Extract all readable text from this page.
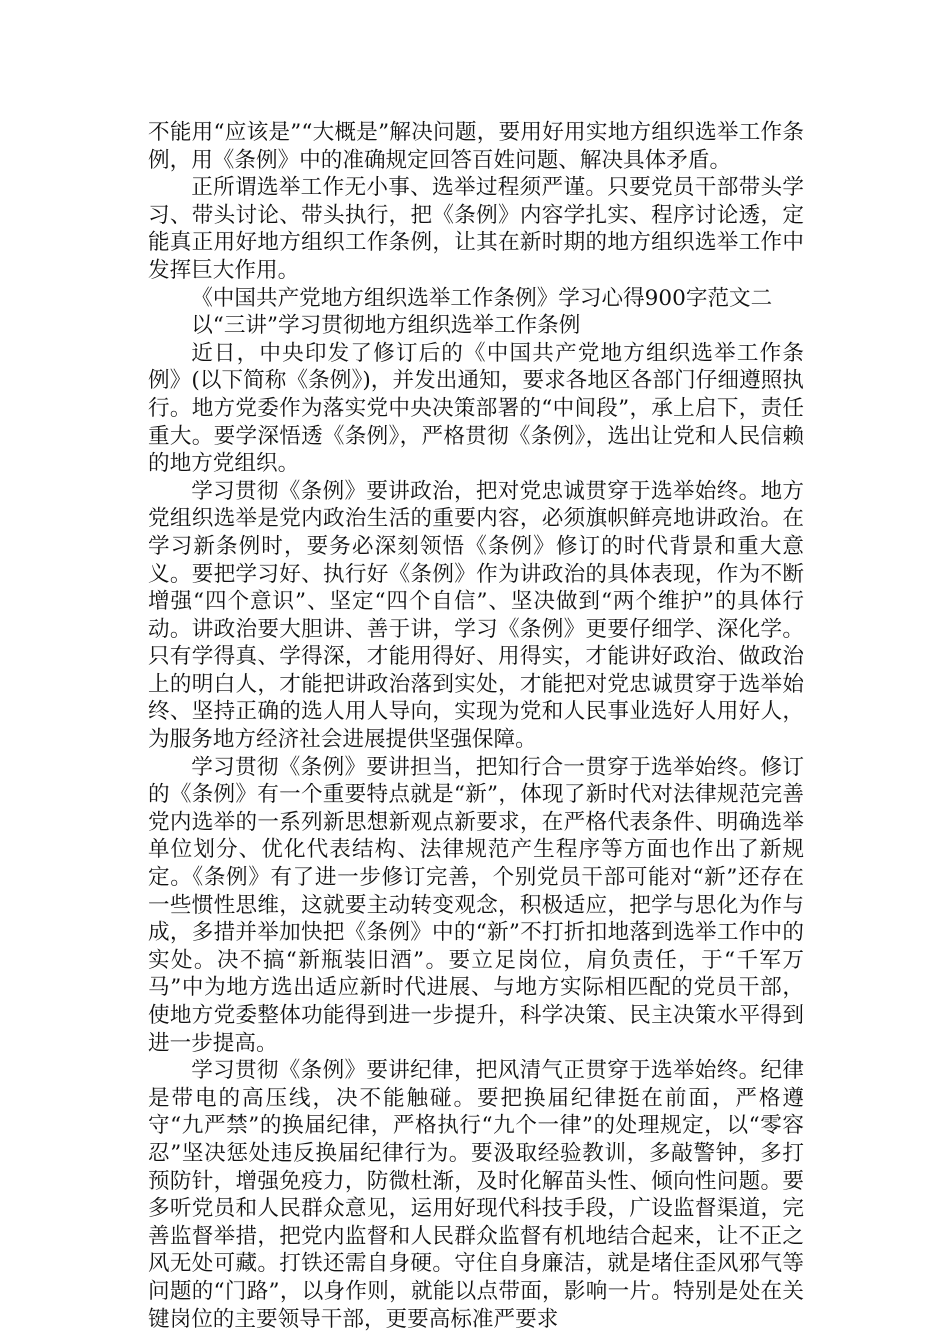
不能用“应该是”“大概是”解决问题，要用好用实地方组织选举工作条例，用《条例》中的准确规定回答百姓问题、解决具体矛盾。

正所谓选举工作无小事、选举过程须严谨。只要党员干部带头学习、带头讨论、带头执行，把《条例》内容学扎实、程序讨论透，定能真正用好地方组织工作条例，让其在新时期的地方组织选举工作中发挥巨大作用。

《中国共产党地方组织选举工作条例》学习心得900字范文二

以“三讲”学习贯彻地方组织选举工作条例

近日，中央印发了修订后的《中国共产党地方组织选举工作条例》(以下简称《条例》)，并发出通知，要求各地区各部门仔细遵照执行。地方党委作为落实党中央决策部署的“中间段”，承上启下，责任重大。要学深悟透《条例》，严格贯彻《条例》，选出让党和人民信赖的地方党组织。

学习贯彻《条例》要讲政治，把对党忠诚贯穿于选举始终。地方党组织选举是党内政治生活的重要内容，必须旗帜鲜亮地讲政治。在学习新条例时，要务必深刻领悟《条例》修订的时代背景和重大意义。要把学习好、执行好《条例》作为讲政治的具体表现，作为不断增强“四个意识”、坚定“四个自信”、坚决做到“两个维护”的具体行动。讲政治要大胆讲、善于讲，学习《条例》更要仔细学、深化学。只有学得真、学得深，才能用得好、用得实，才能讲好政治、做政治上的明白人，才能把讲政治落到实处，才能把对党忠诚贯穿于选举始终、坚持正确的选人用人导向，实现为党和人民事业选好人用好人，为服务地方经济社会进展提供坚强保障。

学习贯彻《条例》要讲担当，把知行合一贯穿于选举始终。修订的《条例》有一个重要特点就是“新”，体现了新时代对法律规范完善党内选举的一系列新思想新观点新要求，在严格代表条件、明确选举单位划分、优化代表结构、法律规范产生程序等方面也作出了新规定。《条例》有了进一步修订完善，个别党员干部可能对“新”还存在一些惯性思维，这就要主动转变观念，积极适应，把学与思化为作与成，多措并举加快把《条例》中的“新”不打折扣地落到选举工作中的实处。决不搞“新瓶装旧酒”。要立足岗位，肩负责任，于“千军万马”中为地方选出适应新时代进展、与地方实际相匹配的党员干部，使地方党委整体功能得到进一步提升，科学决策、民主决策水平得到进一步提高。

学习贯彻《条例》要讲纪律，把风清气正贯穿于选举始终。纪律是带电的高压线，决不能触碰。要把换届纪律挺在前面，严格遵守“九严禁”的换届纪律，严格执行“九个一律”的处理规定，以“零容忍”坚决惩处违反换届纪律行为。要汲取经验教训，多敲警钟，多打预防针，增强免疫力，防微杜渐，及时化解苗头性、倾向性问题。要多听党员和人民群众意见，运用好现代科技手段，广设监督渠道，完善监督举措，把党内监督和人民群众监督有机地结合起来，让不正之风无处可藏。打铁还需自身硬。守住自身廉洁，就是堵住歪风邪气等问题的“门路”，以身作则，就能以点带面，影响一片。特别是处在关键岗位的主要领导干部，更要高标准严要求
